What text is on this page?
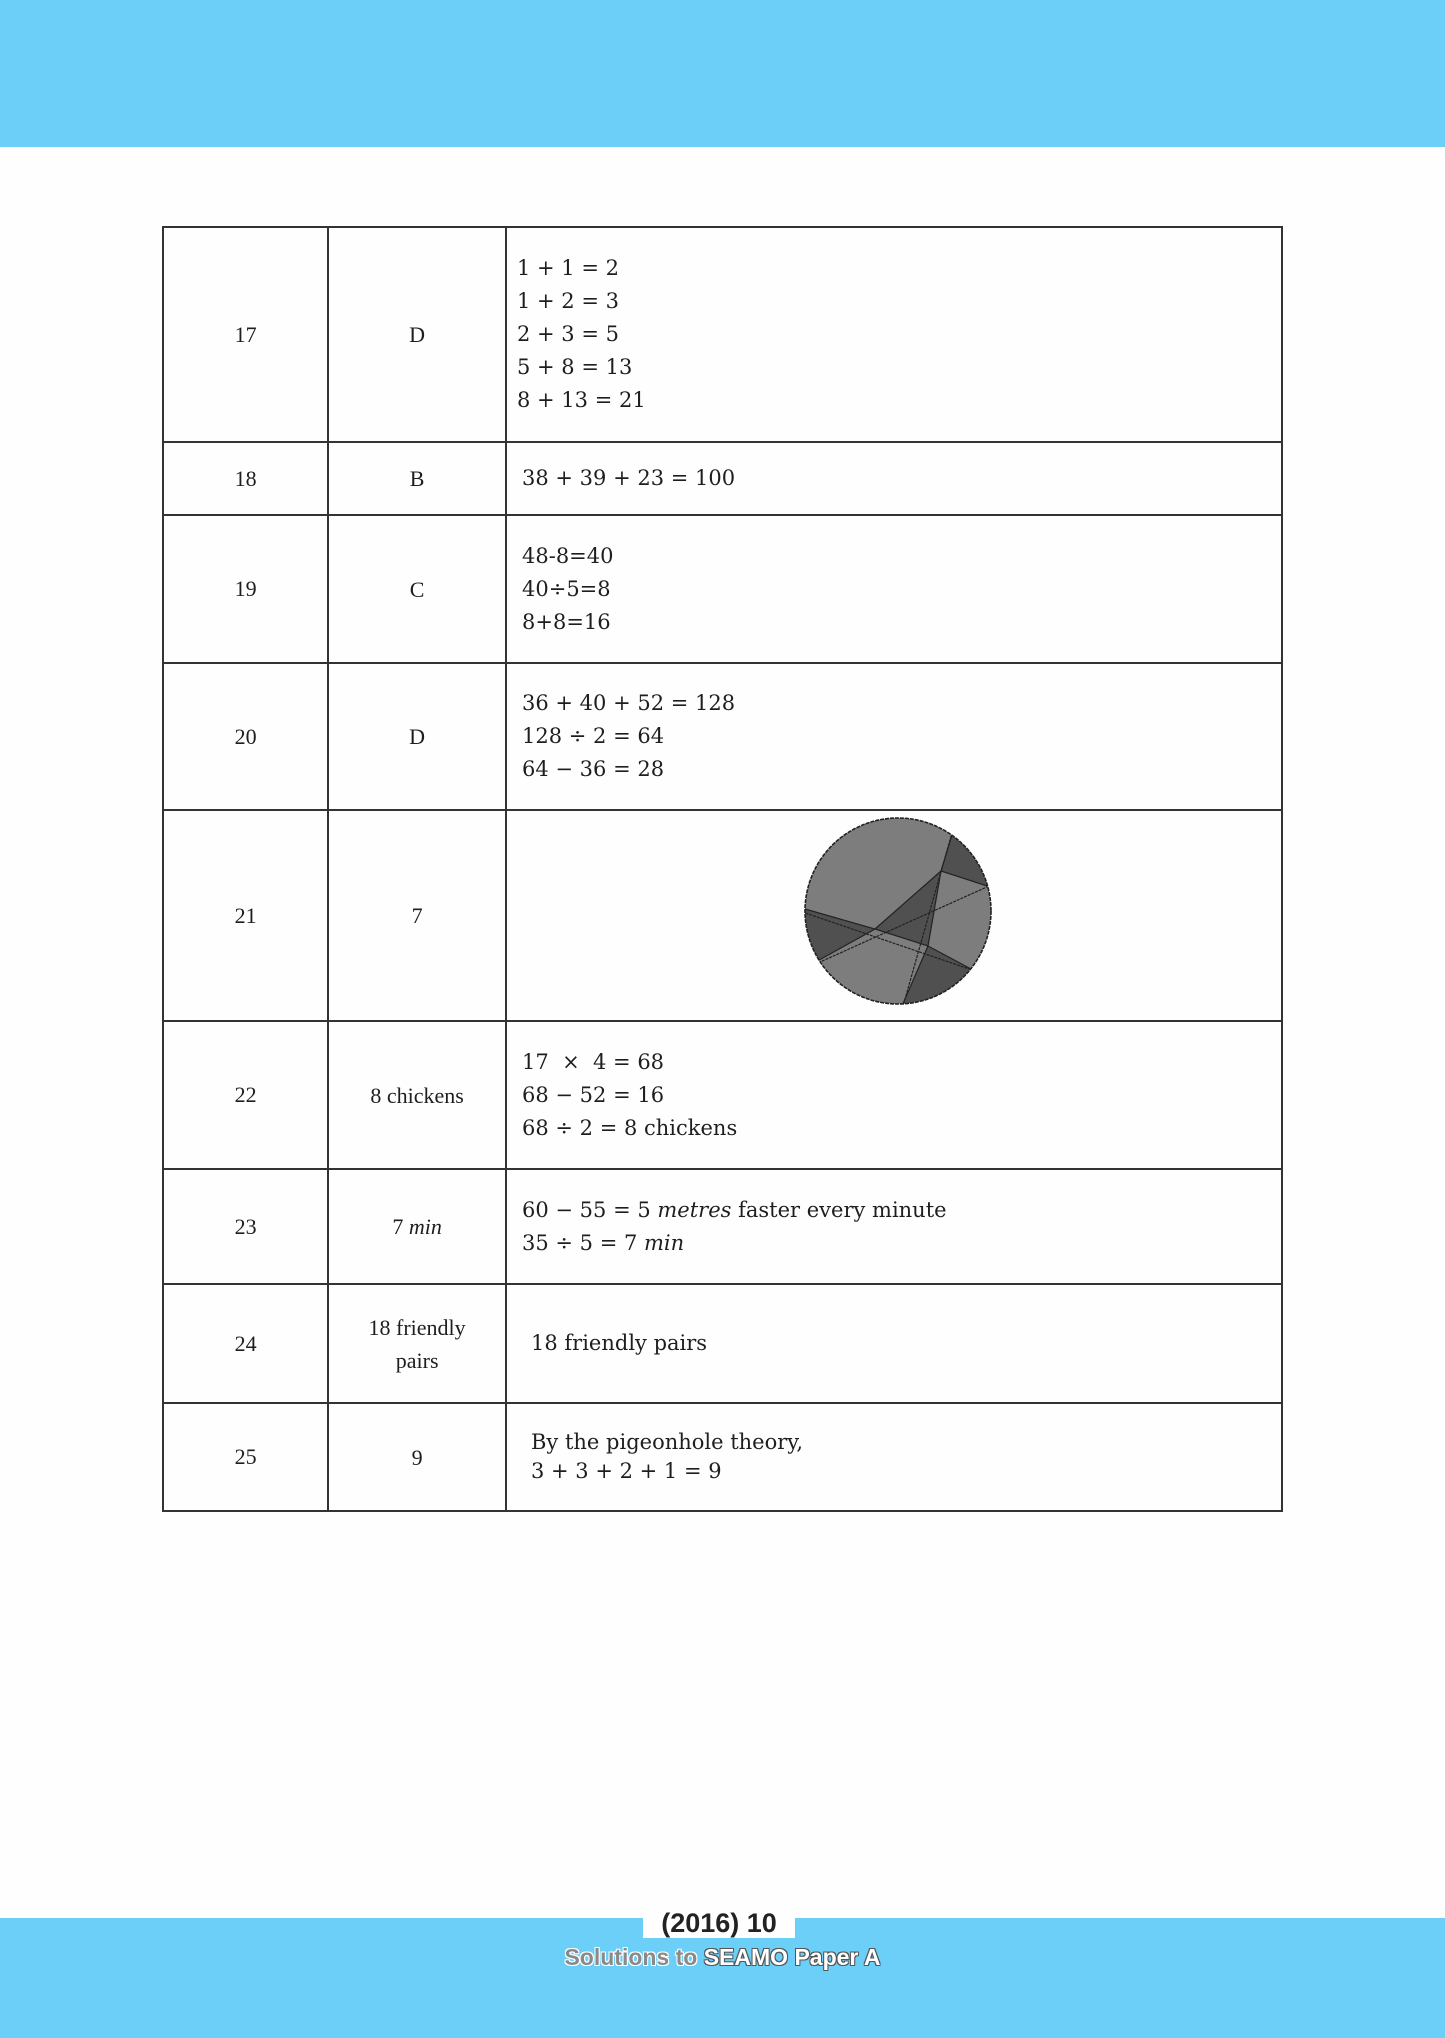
17	D	1 + 1 = 2
1 + 2 = 3
2 + 3 = 5
5 + 8 = 13
8 + 13 = 21

18	B	38 + 39 + 23 = 100

19	C	48-8=40
40÷5=8
8+8=16

20	D	36 + 40 + 52 = 128
128 ÷ 2 = 64
64 − 36 = 28

21	7	

22	8 chickens	17  ×  4 = 68
68 − 52 = 16
68 ÷ 2 = 8 chickens

23	7 min	60 − 55 = 5 metres faster every minute
35 ÷ 5 = 7 min

24	18 friendly
pairs	18 friendly pairs

25	9	By the pigeonhole theory,
3 + 3 + 2 + 1 = 9
(2016) 10
Solutions to SEAMO Paper A
